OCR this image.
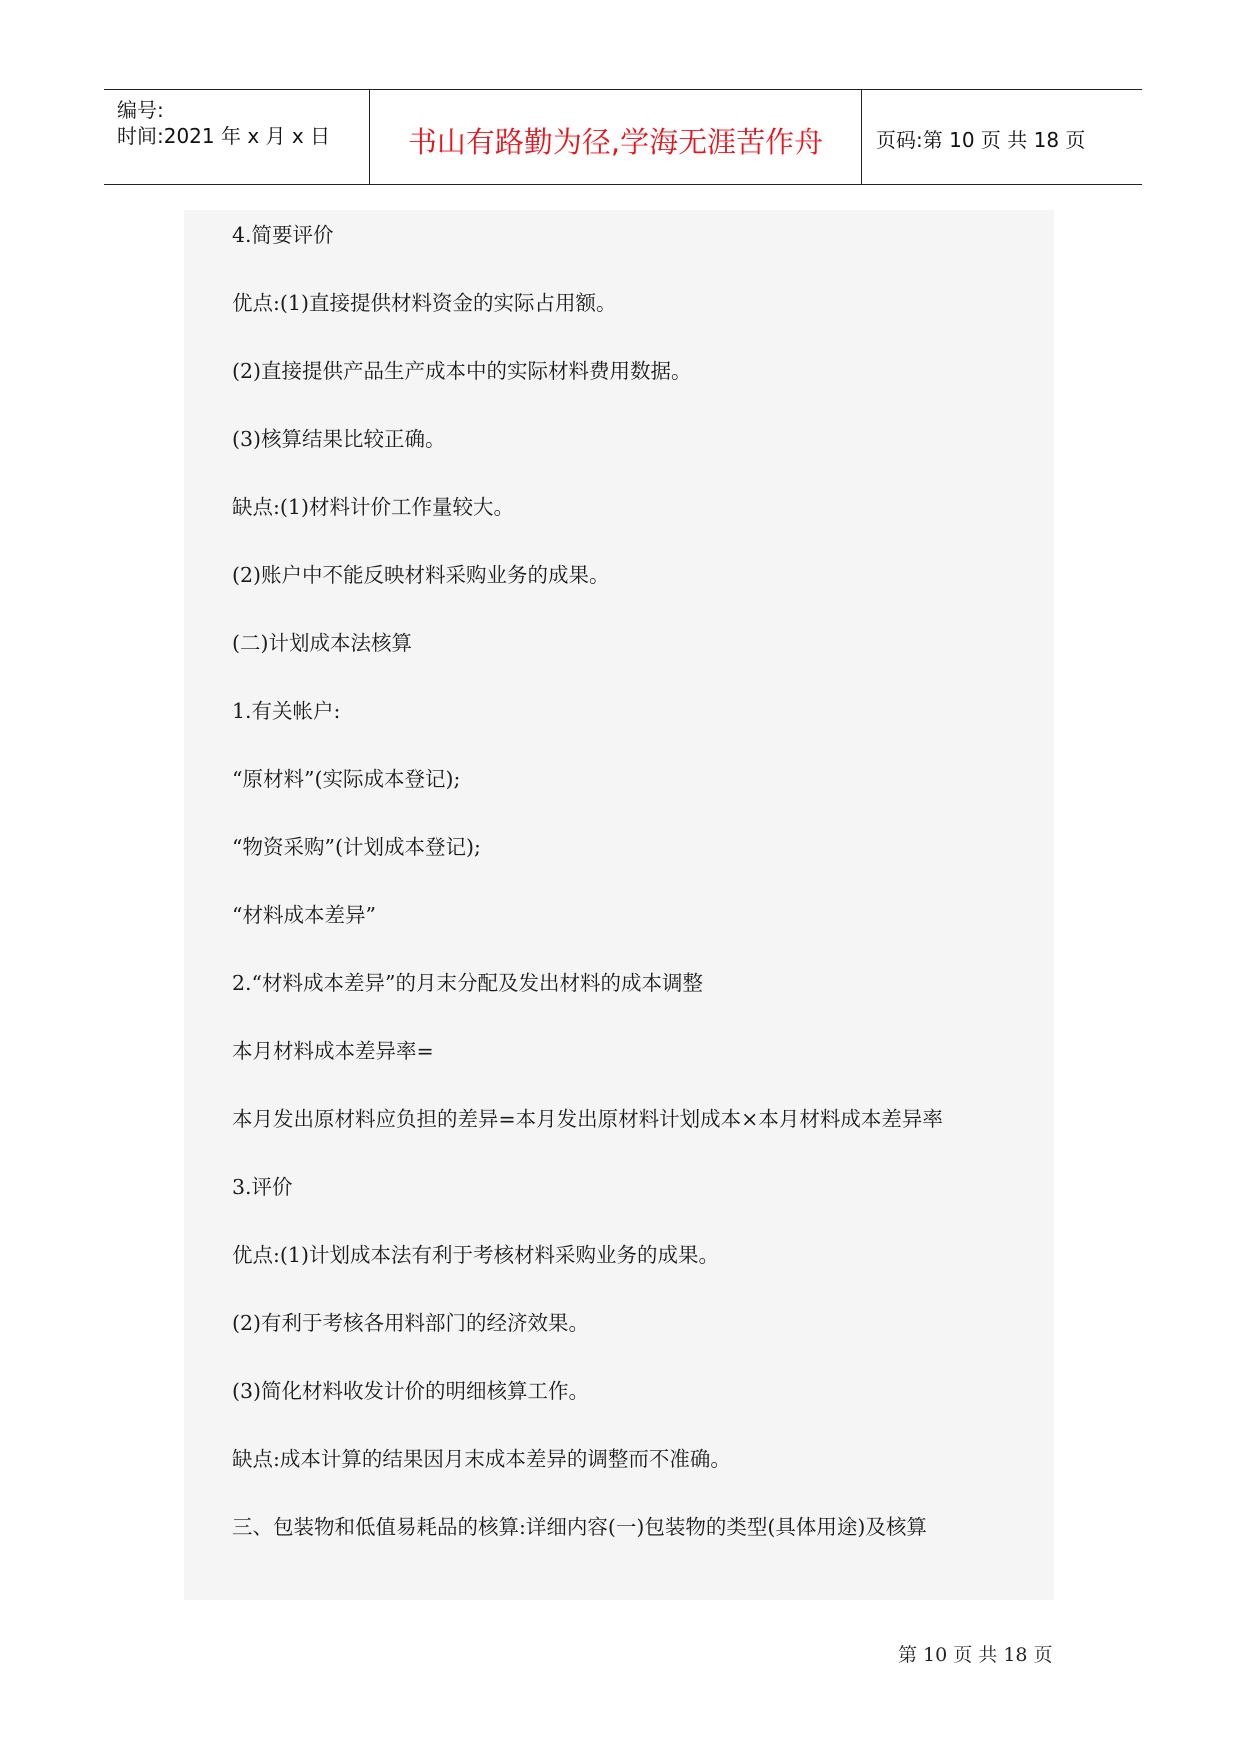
编号:
时间:2021 年 x 月 x 日	书山有路勤为径,学海无涯苦作舟	页码:第 10 页 共 18 页
4.简要评价
优点:(1)直接提供材料资金的实际占用额。
(2)直接提供产品生产成本中的实际材料费用数据。
(3)核算结果比较正确。
缺点:(1)材料计价工作量较大。
(2)账户中不能反映材料采购业务的成果。
(二)计划成本法核算
1.有关帐户:
“原材料”(实际成本登记);
“物资采购”(计划成本登记);
“材料成本差异”
2.“材料成本差异”的月末分配及发出材料的成本调整
本月材料成本差异率=
本月发出原材料应负担的差异=本月发出原材料计划成本×本月材料成本差异率
3.评价
优点:(1)计划成本法有利于考核材料采购业务的成果。
(2)有利于考核各用料部门的经济效果。
(3)简化材料收发计价的明细核算工作。
缺点:成本计算的结果因月末成本差异的调整而不准确。
三、包装物和低值易耗品的核算:详细内容(一)包装物的类型(具体用途)及核算
第 10 页 共 18 页
